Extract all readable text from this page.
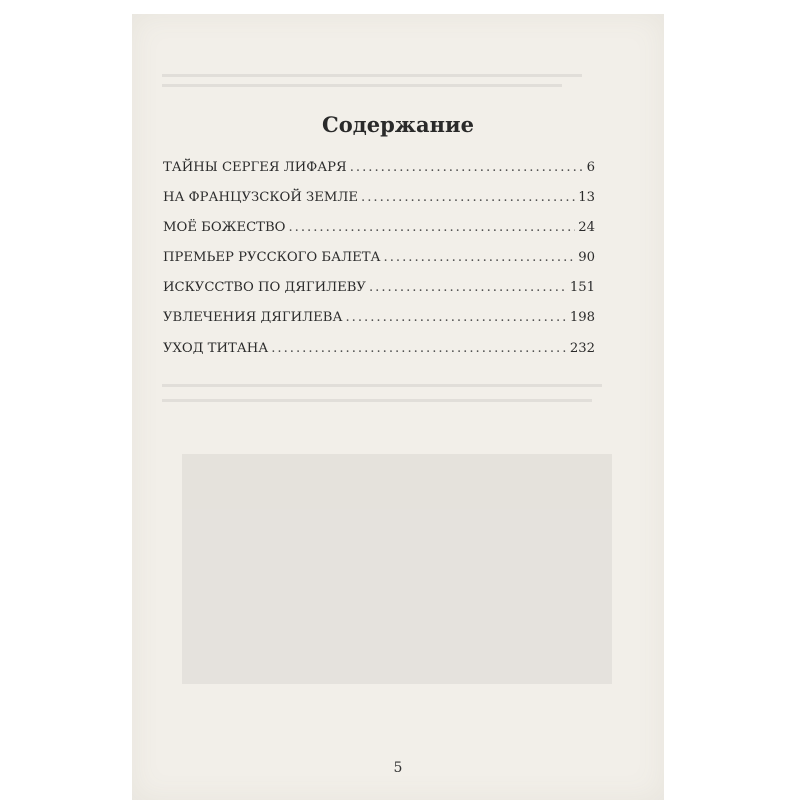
Содержание
ТАЙНЫ СЕРГЕЯ ЛИФАРЯ .....	6
НА ФРАНЦУЗСКОЙ ЗЕМЛЕ .....	13
МОЁ БОЖЕСТВО .....	24
ПРЕМЬЕР РУССКОГО БАЛЕТА .....	90
ИСКУССТВО ПО ДЯГИЛЕВУ .....	151
УВЛЕЧЕНИЯ ДЯГИЛЕВА .....	198
УХОД ТИТАНА .....	232
5
